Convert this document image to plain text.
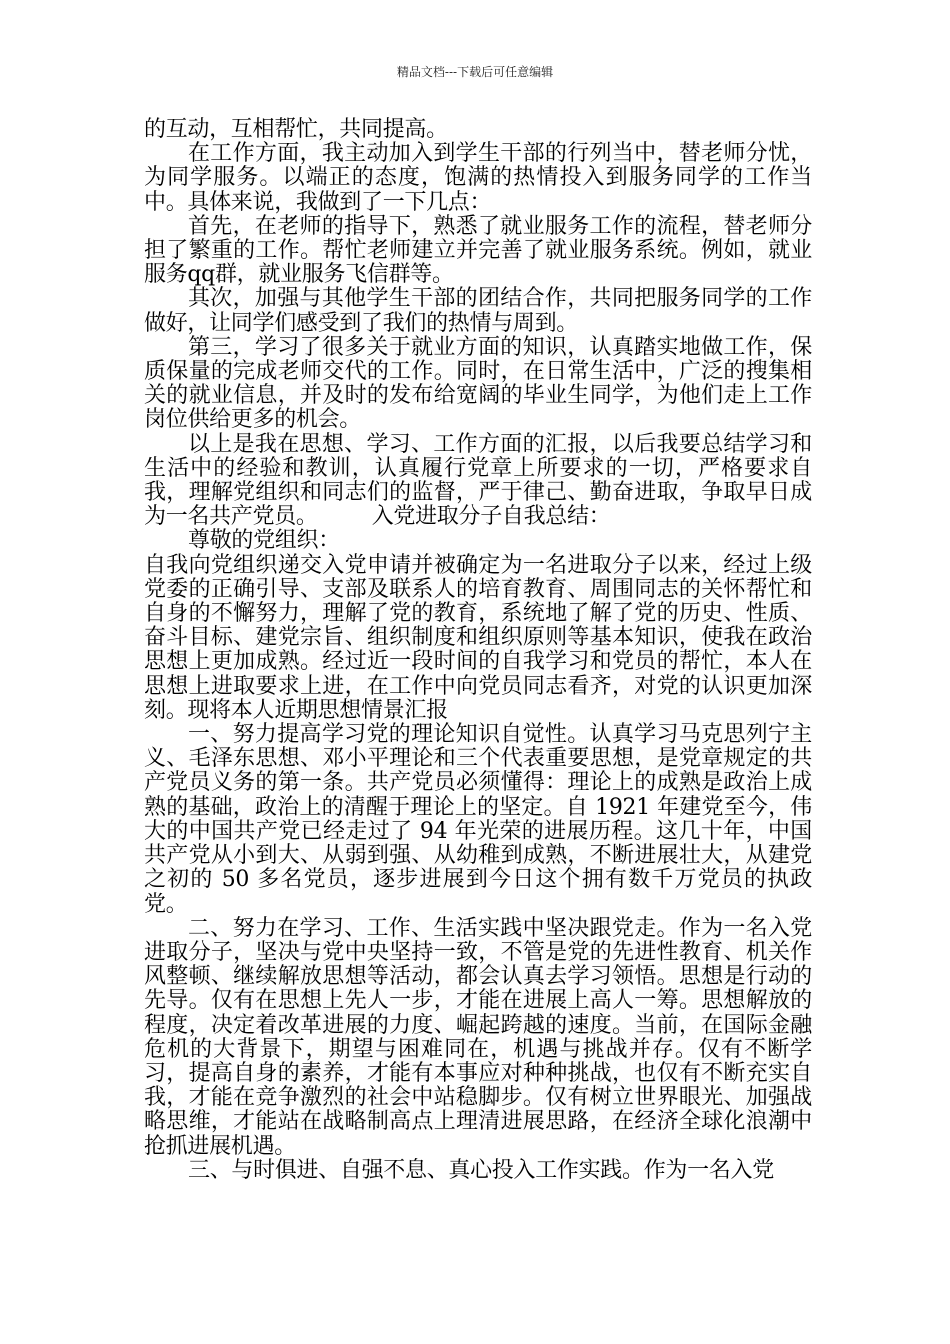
精品文档---下载后可任意编辑

的互动，互相帮忙，共同提高。

在工作方面，我主动加入到学生干部的行列当中，替老师分忧，为同学服务。以端正的态度，饱满的热情投入到服务同学的工作当中。具体来说，我做到了一下几点：

首先，在老师的指导下，熟悉了就业服务工作的流程，替老师分担了繁重的工作。帮忙老师建立并完善了就业服务系统。例如，就业服务qq群，就业服务飞信群等。

其次，加强与其他学生干部的团结合作，共同把服务同学的工作做好，让同学们感受到了我们的热情与周到。

第三，学习了很多关于就业方面的知识，认真踏实地做工作，保质保量的完成老师交代的工作。同时，在日常生活中，广泛的搜集相关的就业信息，并及时的发布给宽阔的毕业生同学，为他们走上工作岗位供给更多的机会。

以上是我在思想、学习、工作方面的汇报，以后我要总结学习和生活中的经验和教训，认真履行党章上所要求的一切，严格要求自我，理解党组织和同志们的监督，严于律己、勤奋进取，争取早日成为一名共产党员。　　　入党进取分子自我总结：

尊敬的党组织：

自我向党组织递交入党申请并被确定为一名进取分子以来，经过上级党委的正确引导、支部及联系人的培育教育、周围同志的关怀帮忙和自身的不懈努力，理解了党的教育，系统地了解了党的历史、性质、奋斗目标、建党宗旨、组织制度和组织原则等基本知识，使我在政治思想上更加成熟。经过近一段时间的自我学习和党员的帮忙，本人在思想上进取要求上进，在工作中向党员同志看齐，对党的认识更加深刻。现将本人近期思想情景汇报

一、努力提高学习党的理论知识自觉性。认真学习马克思列宁主义、毛泽东思想、邓小平理论和三个代表重要思想，是党章规定的共产党员义务的第一条。共产党员必须懂得：理论上的成熟是政治上成熟的基础，政治上的清醒于理论上的坚定。自 1921 年建党至今，伟大的中国共产党已经走过了 94 年光荣的进展历程。这几十年，中国共产党从小到大、从弱到强、从幼稚到成熟，不断进展壮大，从建党之初的 50 多名党员，逐步进展到今日这个拥有数千万党员的执政党。

二、努力在学习、工作、生活实践中坚决跟党走。作为一名入党进取分子，坚决与党中央坚持一致，不管是党的先进性教育、机关作风整顿、继续解放思想等活动，都会认真去学习领悟。思想是行动的先导。仅有在思想上先人一步，才能在进展上高人一筹。思想解放的程度，决定着改革进展的力度、崛起跨越的速度。当前，在国际金融危机的大背景下，期望与困难同在，机遇与挑战并存。仅有不断学习，提高自身的素养，才能有本事应对种种挑战，也仅有不断充实自我，才能在竞争激烈的社会中站稳脚步。仅有树立世界眼光、加强战略思维，才能站在战略制高点上理清进展思路，在经济全球化浪潮中抢抓进展机遇。

三、与时俱进、自强不息、真心投入工作实践。作为一名入党
